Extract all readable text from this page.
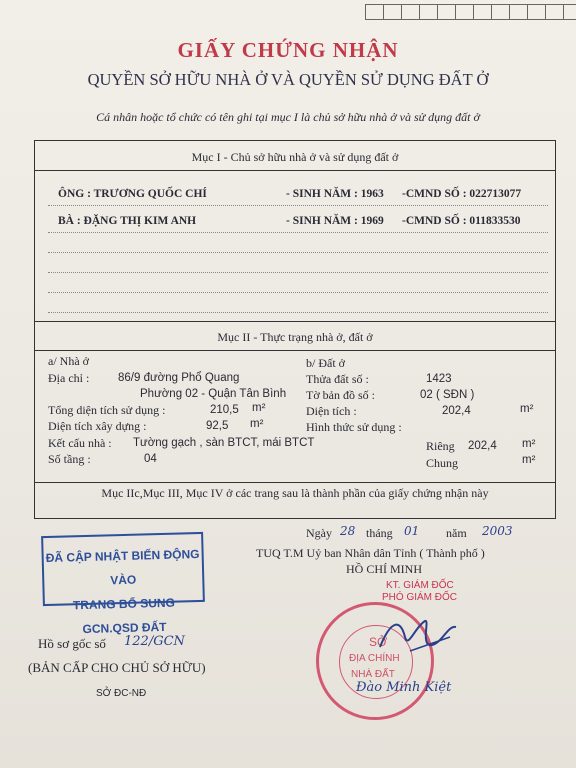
GIẤY CHỨNG NHẬN
QUYỀN SỞ HỮU NHÀ Ở VÀ QUYỀN SỬ DỤNG ĐẤT Ở
Cá nhân hoặc tổ chức có tên ghi tại mục I là chủ sở hữu nhà ở và sử dụng đất ở
Mục I - Chủ sở hữu nhà ở và sử dụng đất ở
ÔNG : TRƯƠNG QUỐC CHÍ	- SINH NĂM : 1963 -CMND SỐ : 022713077
BÀ : ĐẶNG THỊ KIM ANH	- SINH NĂM : 1969 -CMND SỐ : 011833530
Mục II - Thực trạng nhà ở, đất ở
a/ Nhà ở
Địa chỉ : 86/9 đường Phổ Quang
Phường 02 - Quận Tân Bình
Tổng diện tích sử dụng :	210,5 m²
Diện tích xây dựng :	92,5 m²
Kết cấu nhà : Tường gạch , sàn BTCT, mái BTCT
Số tầng :	04
b/ Đất ở
Thửa đất số :	1423
Tờ bản đồ số :	02 ( SĐN )
Diện tích :	202,4	m²
Hình thức sử dụng :
Riêng 202,4 m²
Chung	m²
Mục IIc,Mục III, Mục IV ở các trang sau là thành phần của giấy chứng nhận này
ĐÃ CẬP NHẬT BIẾN ĐỘNG VÀO
TRANG BỔ SUNG GCN.QSD ĐẤT
Ngày 28 tháng 01 năm 2003
TUQ T.M Uỷ ban Nhân dân Tỉnh ( Thành phố )
HỒ CHÍ MINH
KT. GIÁM ĐỐC
PHÓ GIÁM ĐỐC
SỞ
ĐỊA CHÍNH
NHÀ ĐẤT
Đào Minh Kiệt
Hồ sơ gốc số 122/GCN
(BẢN CẤP CHO CHỦ SỞ HỮU)
SỞ ĐC-NĐ
